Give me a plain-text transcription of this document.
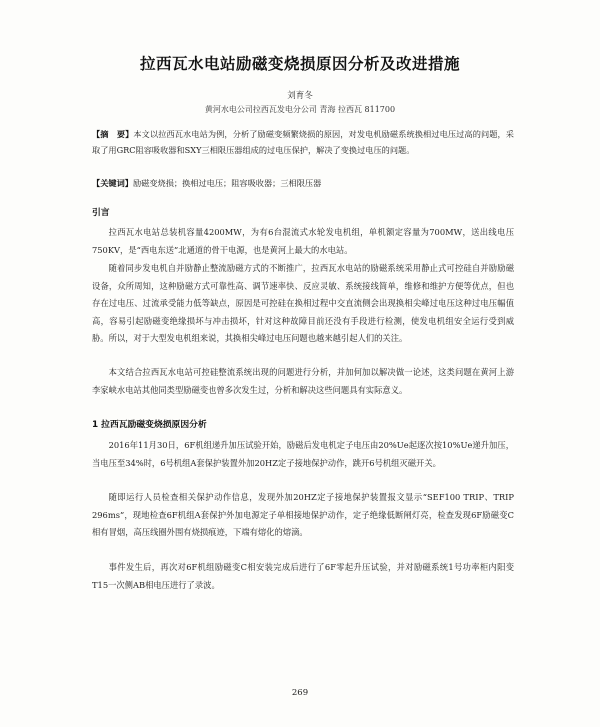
拉西瓦水电站励磁变烧损原因分析及改进措施
刘育冬
黄河水电公司拉西瓦发电分公司 青海 拉西瓦 811700
【摘　要】本文以拉西瓦水电站为例，分析了励磁变频繁烧损的原因，对发电机励磁系统换相过电压过高的问题，采取了用GRC阻容吸收器和SXY三相限压器组成的过电压保护，解决了变换过电压的问题。
【关键词】励磁变烧损；换相过电压；阻容吸收器；三相限压器
引言
拉西瓦水电站总装机容量4200MW，为有6台混流式水轮发电机组，单机额定容量为700MW，送出线电压750KV，是“西电东送”北通道的骨干电源，也是黄河上最大的水电站。
随着同步发电机自并励静止整流励磁方式的不断推广，拉西瓦水电站的励磁系统采用静止式可控硅自并励励磁设备，众所周知，这种励磁方式可靠性高、调节速率快、反应灵敏、系统接线简单，维修和维护方便等优点，但也存在过电压、过流承受能力低等缺点，原因是可控硅在换相过程中交直流侧会出现换相尖峰过电压这种过电压幅值高，容易引起励磁变绝缘损坏与冲击损坏，针对这种故障目前还没有手段进行检测，使发电机组安全运行受到威胁。所以，对于大型发电机组来说，其换相尖峰过电压问题也越来越引起人们的关注。
本文结合拉西瓦水电站可控硅整流系统出现的问题进行分析，并加何加以解决做一论述，这类问题在黄河上游李家峡水电站其他同类型励磁变也曾多次发生过，分析和解决这些问题具有实际意义。
1 拉西瓦励磁变烧损原因分析
2016年11月30日，6F机组递升加压试验开始，励磁后发电机定子电压由20%Ue起逐次按10%Ue递升加压，当电压至34%时，6号机组A套保护装置外加20HZ定子接地保护动作，跳开6号机组灭磁开关。
随即运行人员检查相关保护动作信息，发现外加20HZ定子接地保护装置报文显示“SEF100 TRIP、TRIP 296ms”，现地检查6F机组A套保护外加电源定子单相接地保护动作，定子绝缘低断闸灯亮，检查发现6F励磁变C相有冒烟，高压线圈外围有烧损痕迹，下端有熔化的熔滴。
事件发生后，再次对6F机组励磁变C相安装完成后进行了6F零起升压试验，并对励磁系统1号功率柜内阳变T15一次侧AB相电压进行了录波。
269
